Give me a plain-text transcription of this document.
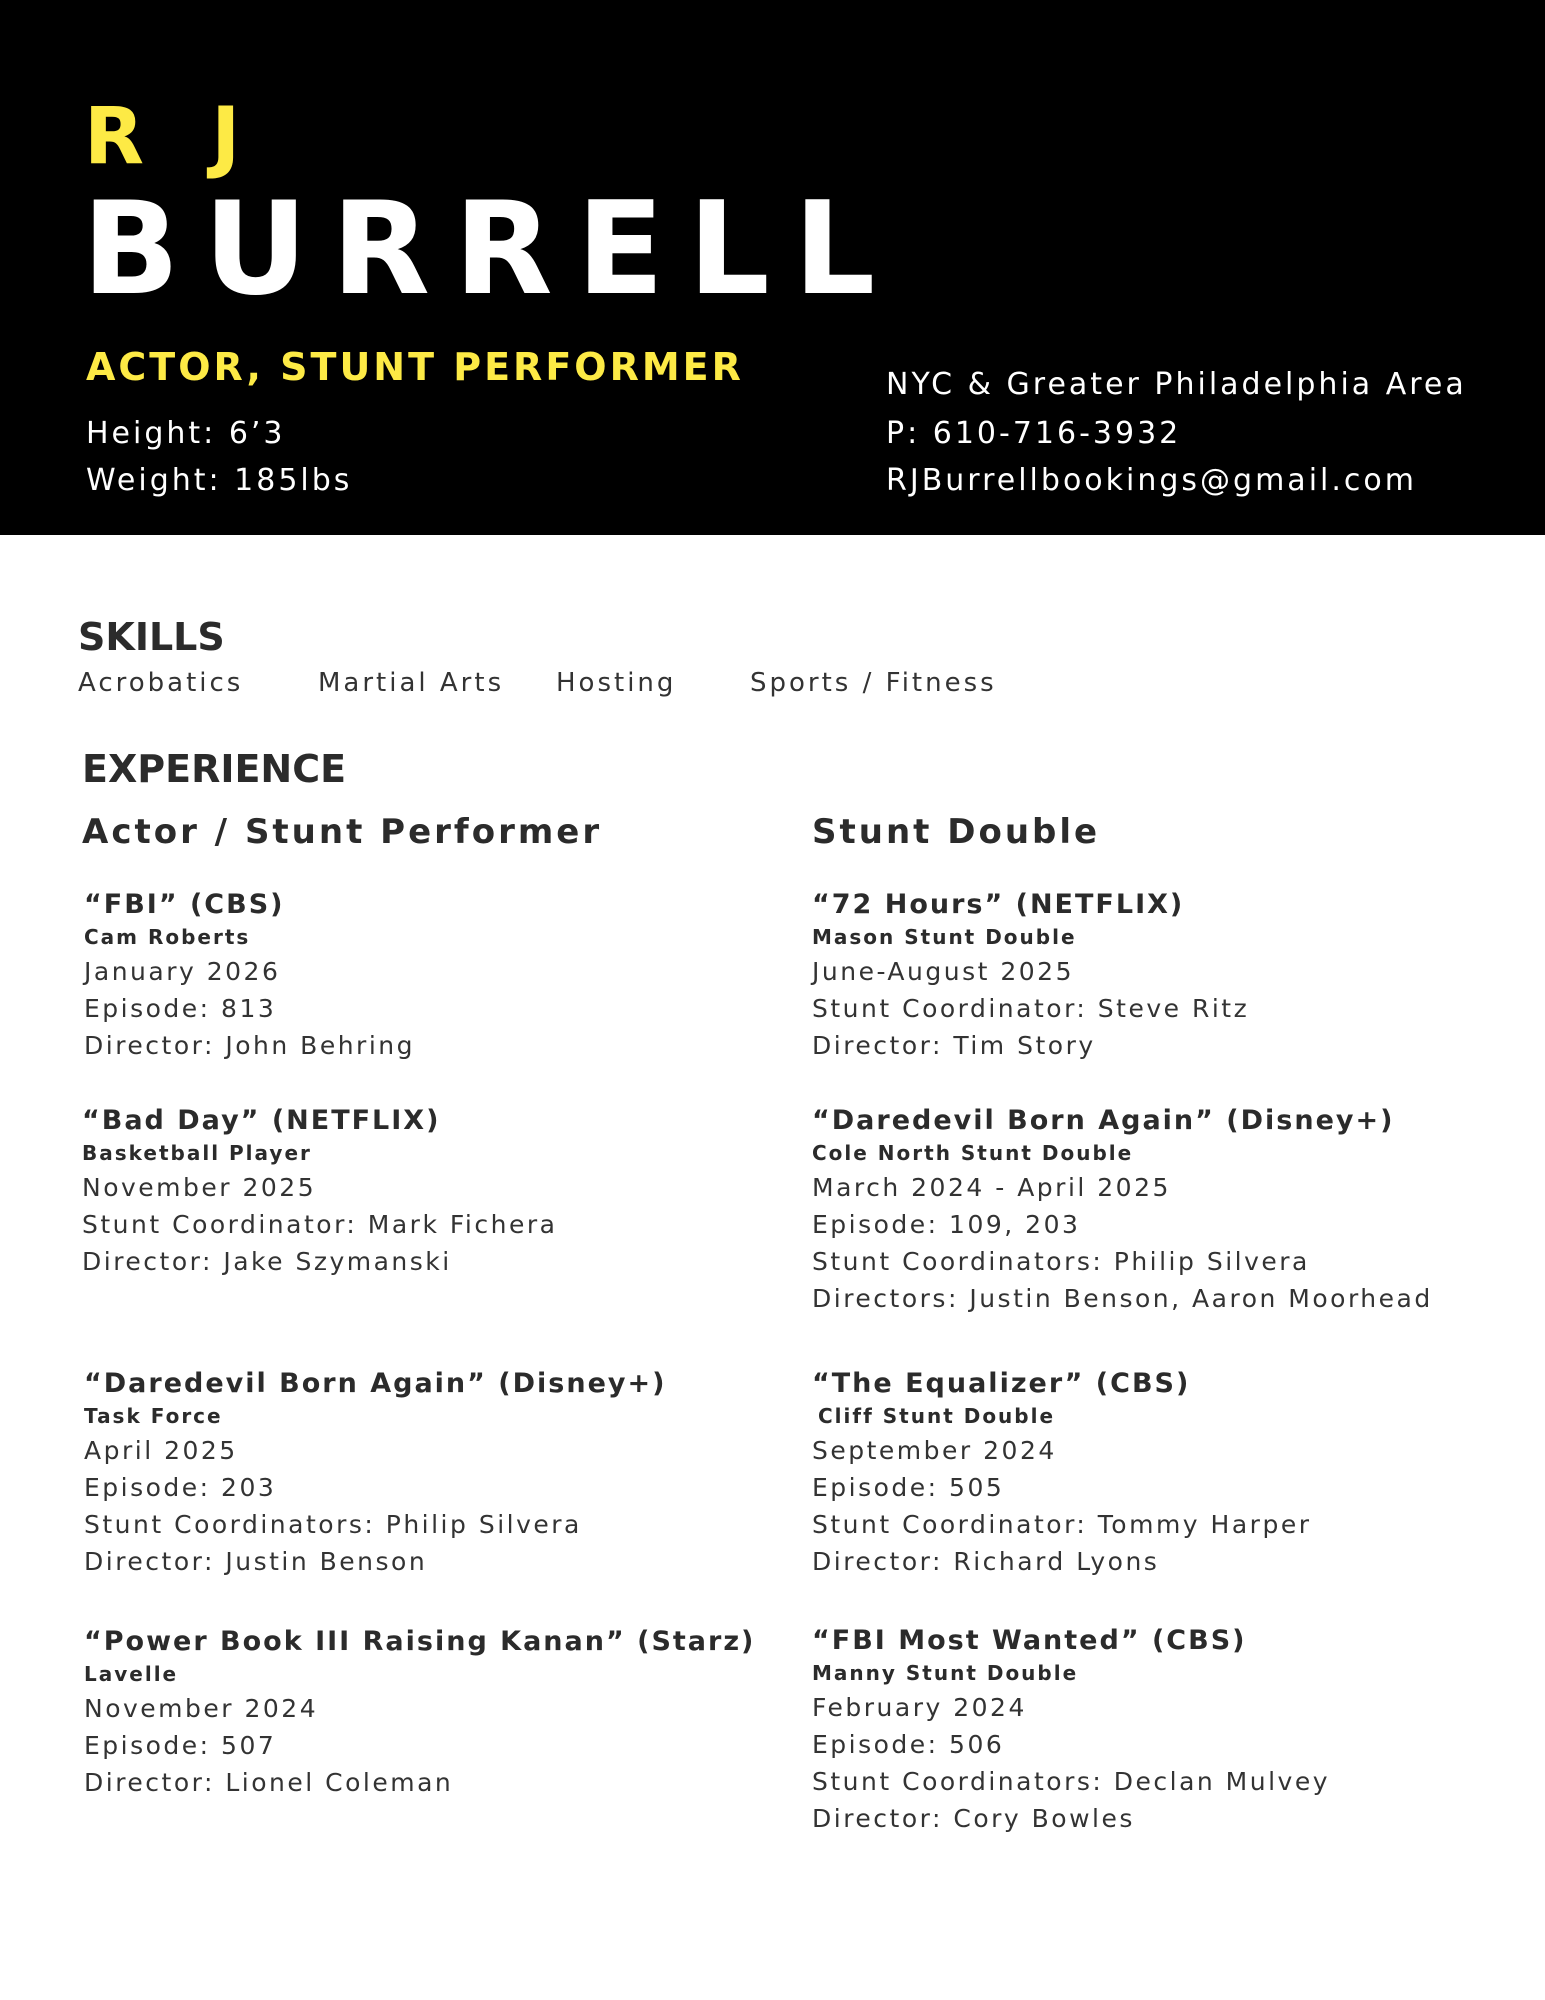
R J
BURRELL
ACTOR, STUNT PERFORMER
Height: 6’3
Weight: 185lbs
NYC & Greater Philadelphia Area
P: 610-716-3932
RJBurrellbookings@gmail.com
SKILLS
Acrobatics	Martial Arts Hosting	Sports / Fitness
EXPERIENCE
Actor / Stunt Performer	Stunt Double
“FBI” (CBS)
Cam Roberts
January 2026
Episode: 813
Director: John Behring
“Bad Day” (NETFLIX)
Basketball Player
November 2025
Stunt Coordinator: Mark Fichera
Director: Jake Szymanski
“Daredevil Born Again” (Disney+)
Task Force
April 2025
Episode: 203
Stunt Coordinators: Philip Silvera
Director: Justin Benson
“Power Book III Raising Kanan” (Starz)
Lavelle
November 2024
Episode: 507
Director: Lionel Coleman
“72 Hours” (NETFLIX)
Mason Stunt Double
June-August 2025
Stunt Coordinator: Steve Ritz
Director: Tim Story
“Daredevil Born Again” (Disney+)
Cole North Stunt Double
March 2024 - April 2025
Episode: 109, 203
Stunt Coordinators: Philip Silvera
Directors: Justin Benson, Aaron Moorhead
“The Equalizer” (CBS)
Cliff Stunt Double
September 2024
Episode: 505
Stunt Coordinator: Tommy Harper
Director: Richard Lyons
“FBI Most Wanted” (CBS)
Manny Stunt Double
February 2024
Episode: 506
Stunt Coordinators: Declan Mulvey
Director: Cory Bowles
